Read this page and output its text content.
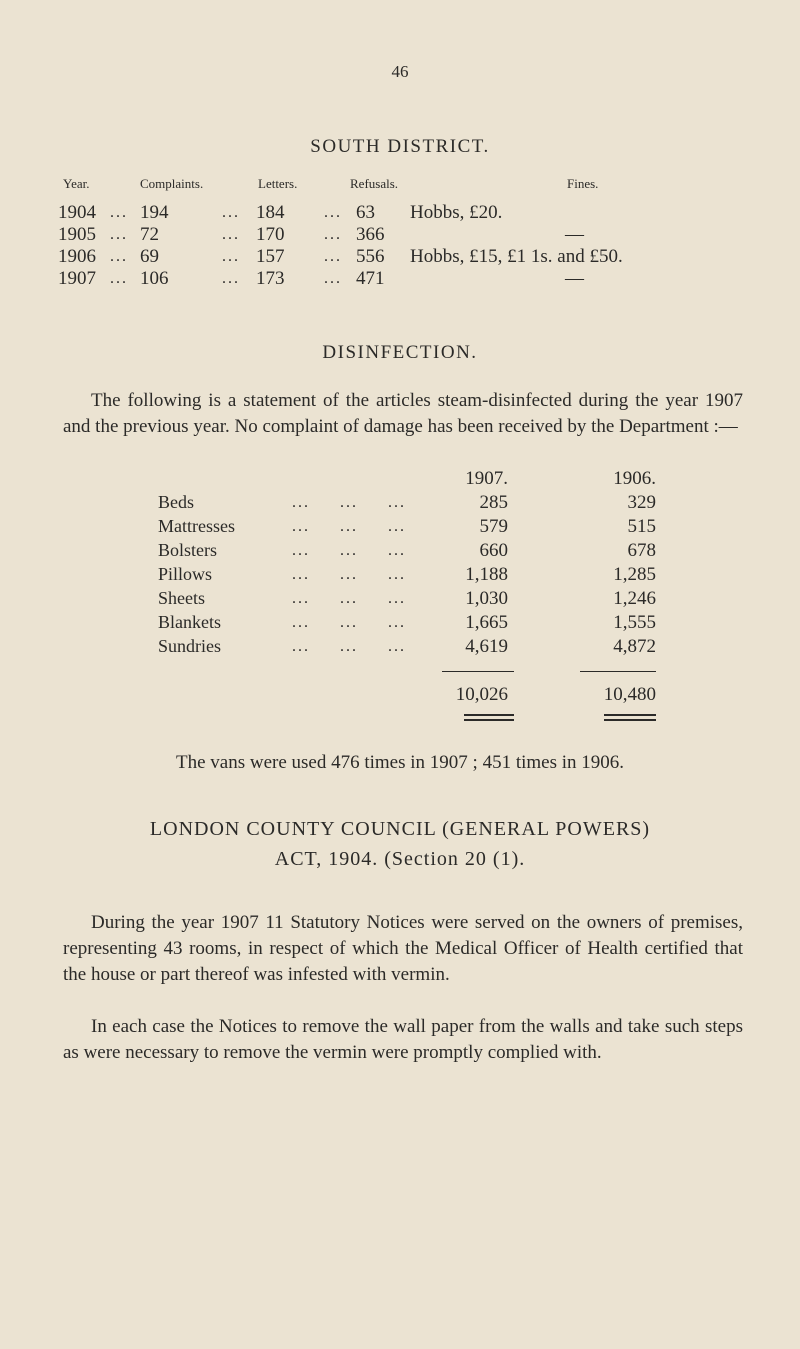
46
SOUTH DISTRICT.
Year.	Complaints.	Letters.	Refusals.	Fines.
1904 ... 194	... 184 ... 63 Hobbs, £20.
1905 ... 72	... 170 ... 366	—
1906 ... 69	... 157 ... 556 Hobbs, £15, £1 1s. and £50.
1907 ... 106	... 173 ... 471	—
DISINFECTION.
The following is a statement of the articles steam-disinfected during the year 1907 and the previous year. No complaint of damage has been received by the Department :—
1907.	1906.
Beds	...     ...     ...	285	329
Mattresses	...     ...     ...	579	515
Bolsters	...     ...     ...	660	678
Pillows	...     ...     ...	1,188	1,285
Sheets	...     ...     ...	1,030	1,246
Blankets	...     ...     ...	1,665	1,555
Sundries	...     ...     ...	4,619	4,872
10,026	10,480
The vans were used 476 times in 1907 ; 451 times in 1906.
LONDON COUNTY COUNCIL (GENERAL POWERS)
ACT, 1904. (Section 20 (1).
During the year 1907 11 Statutory Notices were served on the owners of premises, representing 43 rooms, in respect of which the Medical Officer of Health certified that the house or part thereof was infested with vermin.
In each case the Notices to remove the wall paper from the walls and take such steps as were necessary to remove the vermin were promptly complied with.
